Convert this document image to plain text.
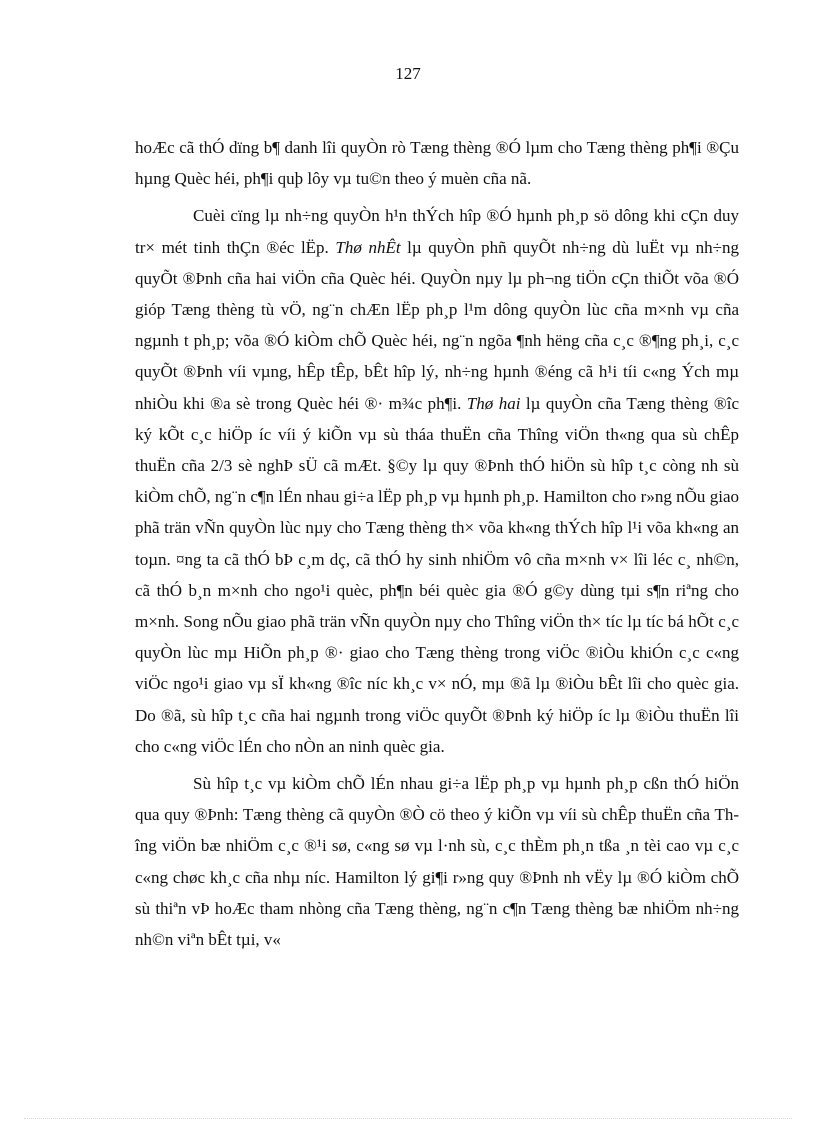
127

hoÆc cã thÓ dïng b¶ danh lîi quyÒn rò Tæng thèng ®Ó lµm cho Tæng thèng ph¶i ®Çu hµng Quèc héi, ph¶i quþ lôy vµ tu©n theo ý muèn cña nã.

Cuèi cïng lµ nh÷ng quyÒn h¹n thÝch hîp ®Ó hµnh ph¸p sö dông khi cÇn duy tr× mét tinh thÇn ®éc lËp. Thø nhÊt lµ quyÒn phñ quyÕt nh÷ng dù luËt vµ nh÷ng quyÕt ®Þnh cña hai viÖn cña Quèc héi. QuyÒn nµy lµ ph¬ng tiÖn cÇn thiÕt võa ®Ó gióp Tæng thèng tù vÖ, ng¨n chÆn lËp ph¸p l¹m dông quyÒn lùc cña m×nh vµ cña ngµnh t ph¸p; võa ®Ó kiÒm chÕ Quèc héi, ng¨n ngõa ¶nh hëng cña c¸c ®¶ng ph¸i, c¸c quyÕt ®Þnh víi vµng, hÊp tÊp, bÊt hîp lý, nh÷ng hµnh ®éng cã h¹i tíi c«ng Ých mµ nhiÒu khi ®a sè trong Quèc héi ®· m¾c ph¶i. Thø hai lµ quyÒn cña Tæng thèng ®îc ký kÕt c¸c hiÖp íc víi ý kiÕn vµ sù tháa thuËn cña Thîng viÖn th«ng qua sù chÊp thuËn cña 2/3 sè nghÞ sÜ cã mÆt. §©y lµ quy ®Þnh thÓ hiÖn sù hîp t¸c còng nh sù kiÒm chÕ, ng¨n c¶n lÉn nhau gi÷a lËp ph¸p vµ hµnh ph¸p. Hamilton cho r»ng nÕu giao phã trän vÑn quyÒn lùc nµy cho Tæng thèng th× võa kh«ng thÝch hîp l¹i võa kh«ng an toµn. ¤ng ta cã thÓ bÞ c¸m dç, cã thÓ hy sinh nhiÖm vô cña m×nh v× lîi léc c¸ nh©n, cã thÓ b¸n m×nh cho ngo¹i quèc, ph¶n béi quèc gia ®Ó g©y dùng tµi s¶n riªng cho m×nh. Song nÕu giao phã trän vÑn quyÒn nµy cho Thîng viÖn th× tíc lµ tíc bá hÕt c¸c quyÒn lùc mµ HiÕn ph¸p ®· giao cho Tæng thèng trong viÖc ®iÒu khiÓn c¸c c«ng viÖc ngo¹i giao vµ sÏ kh«ng ®îc níc kh¸c v× nÓ, mµ ®ã lµ ®iÒu bÊt lîi cho quèc gia. Do ®ã, sù hîp t¸c cña hai ngµnh trong viÖc quyÕt ®Þnh ký hiÖp íc lµ ®iÒu thuËn lîi cho c«ng viÖc lÉn cho nÒn an ninh quèc gia.

Sù hîp t¸c vµ kiÒm chÕ lÉn nhau gi÷a lËp ph¸p vµ hµnh ph¸p cßn thÓ hiÖn qua quy ®Þnh: Tæng thèng cã quyÒn ®Ò cö theo ý kiÕn vµ víi sù chÊp thuËn cña Thîng viÖn bæ nhiÖm c¸c ®¹i sø, c«ng sø vµ l·nh sù, c¸c thÈm ph¸n tßa ¸n tèi cao vµ c¸c c«ng chøc kh¸c cña nhµ níc. Hamilton lý gi¶i r»ng quy ®Þnh nh vËy lµ ®Ó kiÒm chÕ sù thiªn vÞ hoÆc tham nhòng cña Tæng thèng, ng¨n c¶n Tæng thèng bæ nhiÖm nh÷ng nh©n viªn bÊt tµi, v«
